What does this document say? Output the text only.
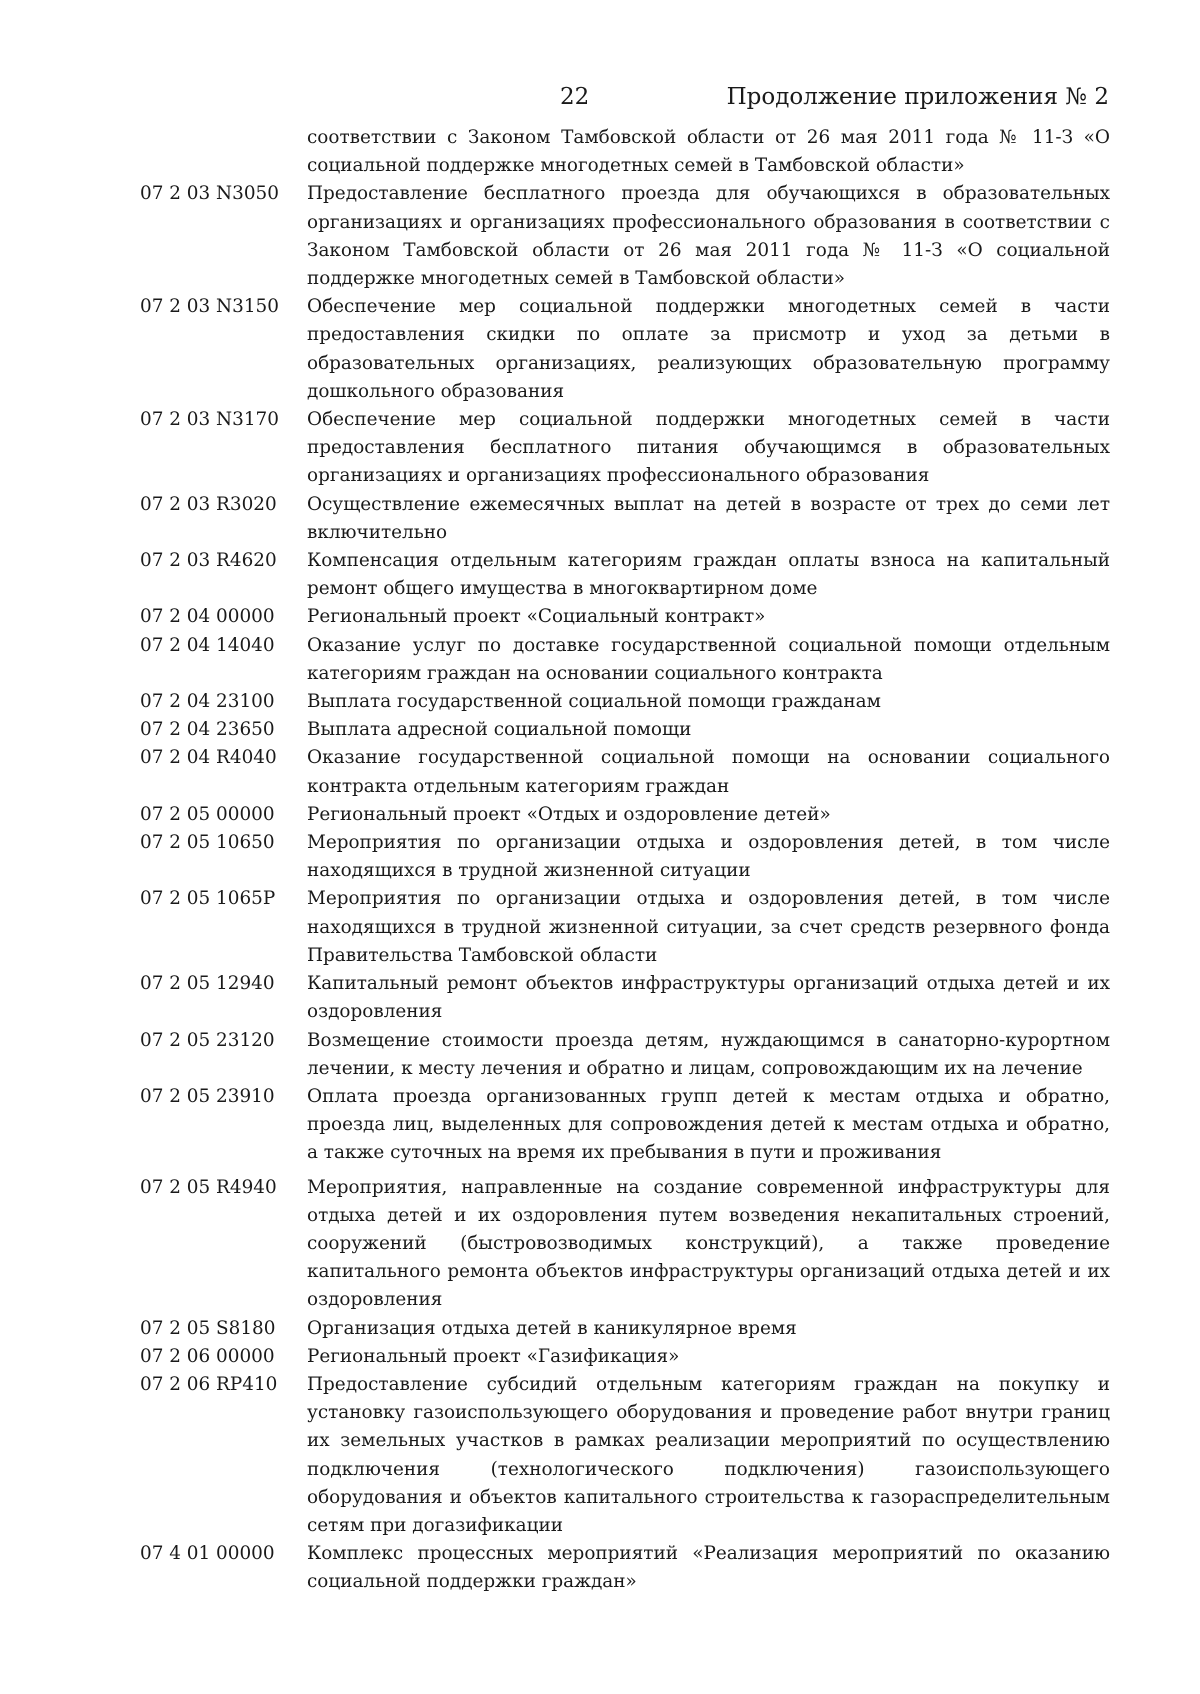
22	Продолжение приложения № 2
соответствии с Законом Тамбовской области от 26 мая 2011 года № 11-З «О социальной поддержке многодетных семей в Тамбовской области»
07 2 03 N3050	Предоставление бесплатного проезда для обучающихся в образовательных организациях и организациях профессионального образования в соответствии с Законом Тамбовской области от 26 мая 2011 года № 11-З «О социальной поддержке многодетных семей в Тамбовской области»
07 2 03 N3150	Обеспечение мер социальной поддержки многодетных семей в части предоставления скидки по оплате за присмотр и уход за детьми в образовательных организациях, реализующих образовательную программу дошкольного образования
07 2 03 N3170	Обеспечение мер социальной поддержки многодетных семей в части предоставления бесплатного питания обучающимся в образовательных организациях и организациях профессионального образования
07 2 03 R3020	Осуществление ежемесячных выплат на детей в возрасте от трех до семи лет включительно
07 2 03 R4620	Компенсация отдельным категориям граждан оплаты взноса на капитальный ремонт общего имущества в многоквартирном доме
07 2 04 00000	Региональный проект «Социальный контракт»
07 2 04 14040	Оказание услуг по доставке государственной социальной помощи отдельным категориям граждан на основании социального контракта
07 2 04 23100	Выплата государственной социальной помощи гражданам
07 2 04 23650	Выплата адресной социальной помощи
07 2 04 R4040	Оказание государственной социальной помощи на основании социального контракта отдельным категориям граждан
07 2 05 00000	Региональный проект «Отдых и оздоровление детей»
07 2 05 10650	Мероприятия по организации отдыха и оздоровления детей, в том числе находящихся в трудной жизненной ситуации
07 2 05 1065P	Мероприятия по организации отдыха и оздоровления детей, в том числе находящихся в трудной жизненной ситуации, за счет средств резервного фонда Правительства Тамбовской области
07 2 05 12940	Капитальный ремонт объектов инфраструктуры организаций отдыха детей и их оздоровления
07 2 05 23120	Возмещение стоимости проезда детям, нуждающимся в санаторно-курортном лечении, к месту лечения и обратно и лицам, сопровождающим их на лечение
07 2 05 23910	Оплата проезда организованных групп детей к местам отдыха и обратно, проезда лиц, выделенных для сопровождения детей к местам отдыха и обратно, а также суточных на время их пребывания в пути и проживания
07 2 05 R4940	Мероприятия, направленные на создание современной инфраструктуры для отдыха детей и их оздоровления путем возведения некапитальных строений, сооружений (быстровозводимых конструкций), а также проведение капитального ремонта объектов инфраструктуры организаций отдыха детей и их оздоровления
07 2 05 S8180	Организация отдыха детей в каникулярное время
07 2 06 00000	Региональный проект «Газификация»
07 2 06 RP410	Предоставление субсидий отдельным категориям граждан на покупку и установку газоиспользующего оборудования и проведение работ внутри границ их земельных участков в рамках реализации мероприятий по осуществлению подключения (технологического подключения) газоиспользующего оборудования и объектов капитального строительства к газораспределительным сетям при догазификации
07 4 01 00000	Комплекс процессных мероприятий «Реализация мероприятий по оказанию социальной поддержки граждан»
